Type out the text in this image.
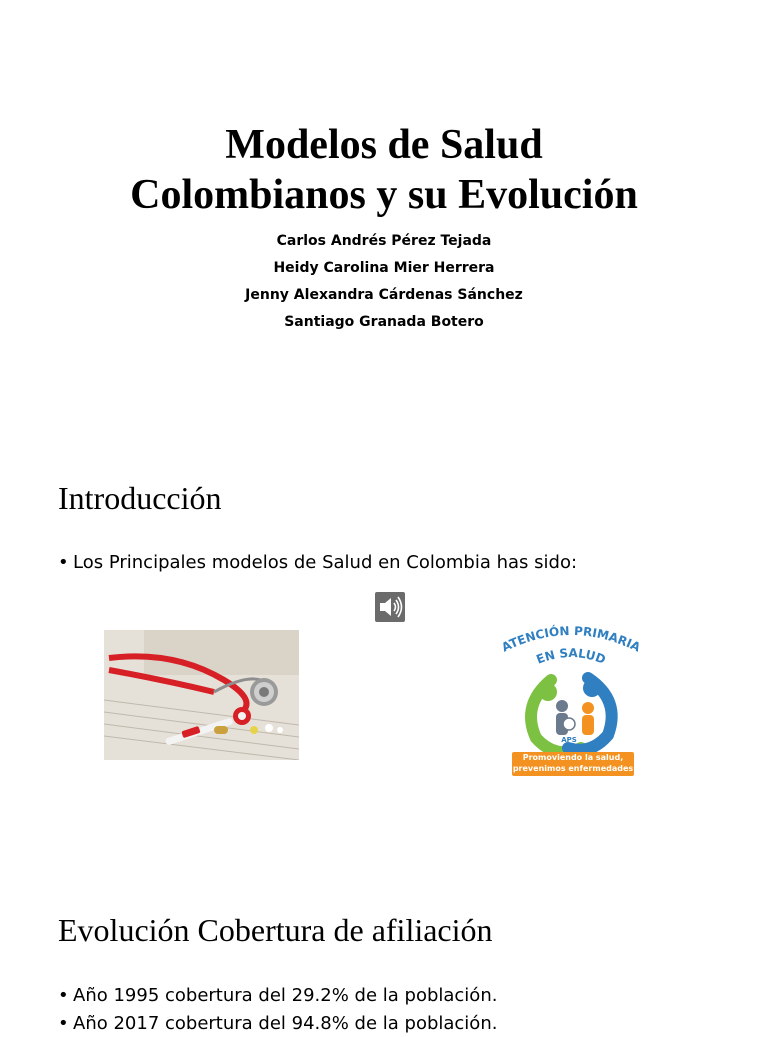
Modelos de Salud
Colombianos y su Evolución
Carlos Andrés Pérez Tejada
Heidy Carolina Mier Herrera
Jenny Alexandra Cárdenas Sánchez
Santiago Granada Botero
Introducción

• Los Principales modelos de Salud en Colombia has sido:

ATENCIÓN PRIMARIA
EN SALUD
APS
Promoviendo la salud,
prevenimos enfermedades
Evolución Cobertura de afiliación

• Año 1995 cobertura del 29.2% de la población.

• Año 2017 cobertura del 94.8% de la población.
